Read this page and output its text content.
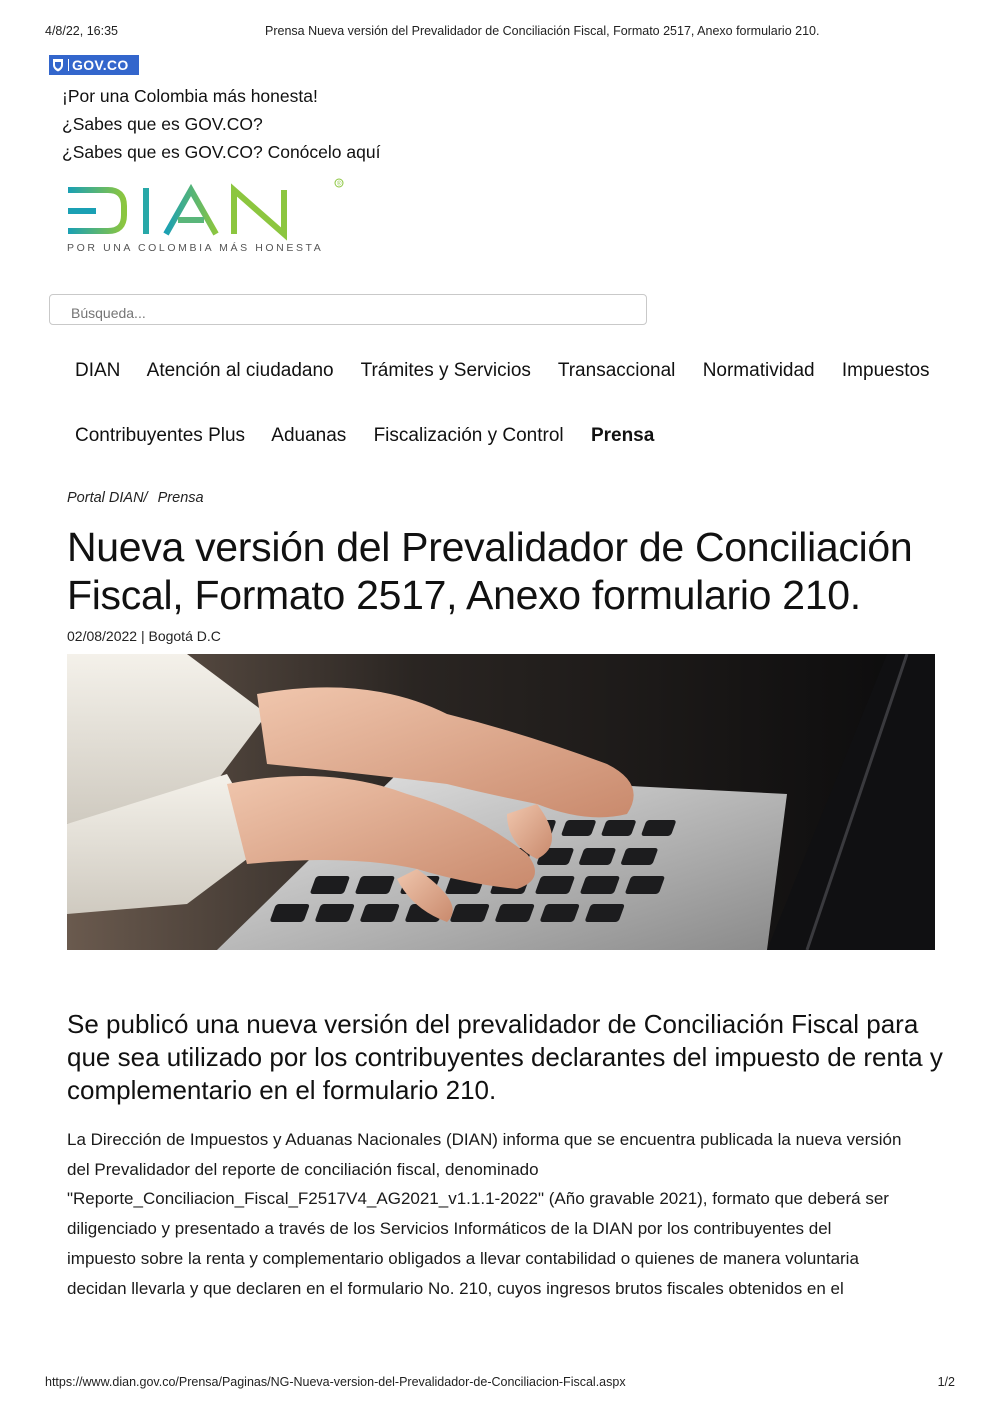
4/8/22, 16:35	Prensa Nueva versión del Prevalidador de Conciliación Fiscal, Formato 2517, Anexo formulario 210.
GOV.CO
¡Por una Colombia más honesta!
¿Sabes que es GOV.CO?
¿Sabes que es GOV.CO? Conócelo aquí
®
POR UNA COLOMBIA MÁS HONESTA
Búsqueda...
DIAN Atención al ciudadano Trámites y Servicios Transaccional Normatividad Impuestos
Contribuyentes Plus Aduanas Fiscalización y Control Prensa
Portal DIAN/ Prensa
Nueva versión del Prevalidador de Conciliación Fiscal, Formato 2517, Anexo formulario 210.
02/08/2022 | Bogotá D.C
Se publicó una nueva versión del prevalidador de Conciliación Fiscal para que sea utilizado por los contribuyentes declarantes del impuesto de renta y complementario en el formulario 210.
La Dirección de Impuestos y Aduanas Nacionales (DIAN) informa que se encuentra publicada la nueva versión
del Prevalidador del reporte de conciliación fiscal, denominado
"Reporte_Conciliacion_Fiscal_F2517V4_AG2021_v1.1.1-2022" (Año gravable 2021), formato que deberá ser
diligenciado y presentado a través de los Servicios Informáticos de la DIAN por los contribuyentes del
impuesto sobre la renta y complementario obligados a llevar contabilidad o quienes de manera voluntaria
decidan llevarla y que declaren en el formulario No. 210, cuyos ingresos brutos fiscales obtenidos en el
https://www.dian.gov.co/Prensa/Paginas/NG-Nueva-version-del-Prevalidador-de-Conciliacion-Fiscal.aspx	1/2
